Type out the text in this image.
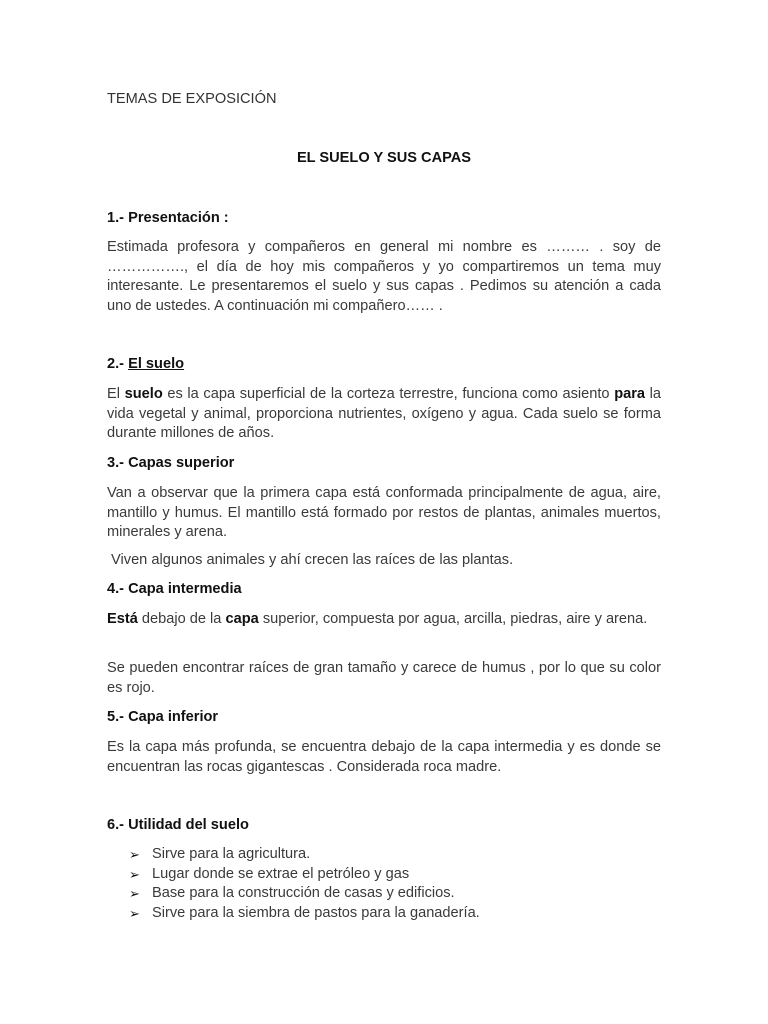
TEMAS DE EXPOSICIÓN
EL SUELO Y SUS CAPAS
1.- Presentación :
Estimada profesora y compañeros en general mi nombre es ……… . soy de ……………., el día de hoy mis compañeros y yo compartiremos un tema muy interesante. Le presentaremos el suelo y sus capas . Pedimos su atención a cada uno de ustedes. A continuación mi compañero…… .
2.- El suelo
El suelo es la capa superficial de la corteza terrestre, funciona como asiento para la vida vegetal y animal, proporciona nutrientes, oxígeno y agua. Cada suelo se forma durante millones de años.
3.- Capas superior
Van a observar que la primera capa está conformada principalmente de agua, aire, mantillo y humus. El mantillo está formado por restos de plantas, animales muertos, minerales y arena.
Viven algunos animales y ahí crecen las raíces de las plantas.
4.- Capa intermedia
Está debajo de la capa superior, compuesta por agua, arcilla, piedras, aire y arena.
Se pueden encontrar raíces de gran tamaño y carece de humus , por lo que su color es rojo.
5.- Capa inferior
Es la capa más profunda, se encuentra debajo de la capa intermedia y es donde se encuentran las rocas gigantescas . Considerada roca madre.
6.- Utilidad del suelo
➢ Sirve para la agricultura.
➢ Lugar donde se extrae el petróleo y gas
➢ Base para la construcción de casas y edificios.
➢ Sirve para la siembra de pastos para la ganadería.
